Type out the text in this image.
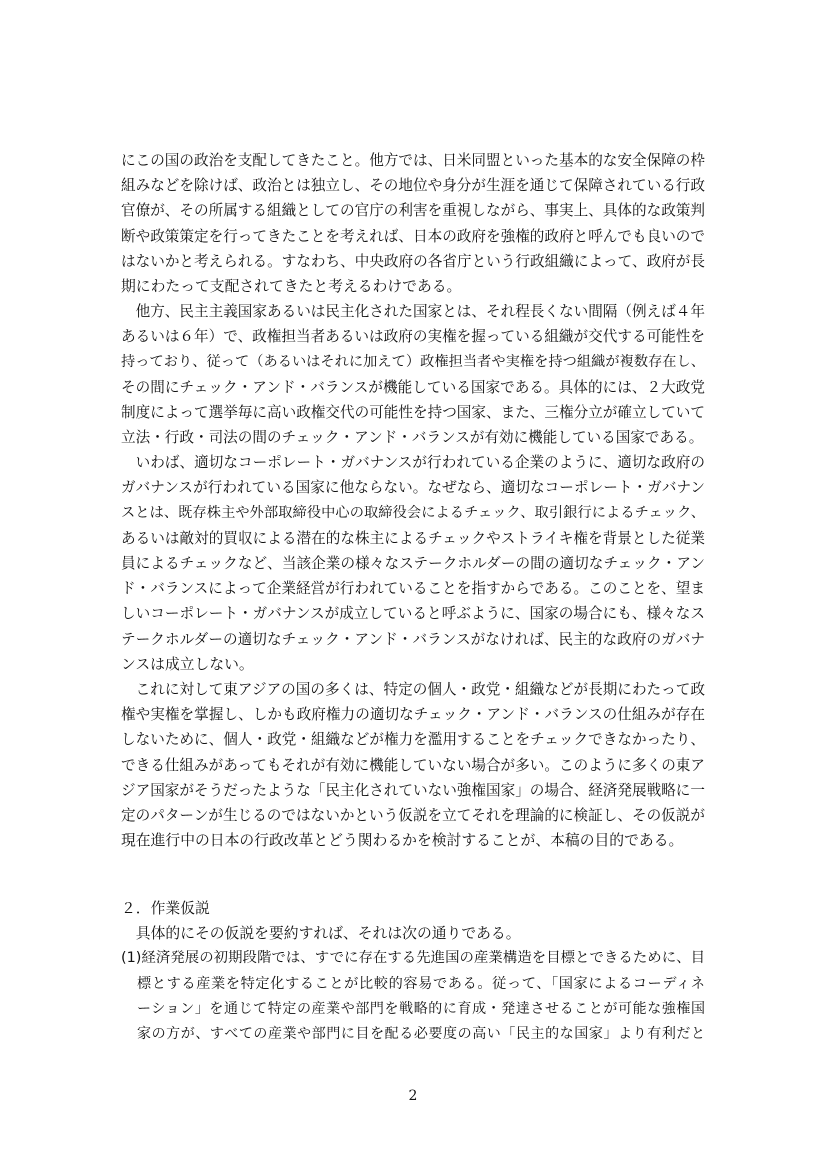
にこの国の政治を支配してきたこと。他方では、日米同盟といった基本的な安全保障の枠
組みなどを除けば、政治とは独立し、その地位や身分が生涯を通じて保障されている行政
官僚が、その所属する組織としての官庁の利害を重視しながら、事実上、具体的な政策判
断や政策策定を行ってきたことを考えれば、日本の政府を強権的政府と呼んでも良いので
はないかと考えられる。すなわち、中央政府の各省庁という行政組織によって、政府が長
期にわたって支配されてきたと考えるわけである。
　他方、民主主義国家あるいは民主化された国家とは、それ程長くない間隔（例えば４年
あるいは６年）で、政権担当者あるいは政府の実権を握っている組織が交代する可能性を
持っており、従って（あるいはそれに加えて）政権担当者や実権を持つ組織が複数存在し、
その間にチェック・アンド・バランスが機能している国家である。具体的には、２大政党
制度によって選挙毎に高い政権交代の可能性を持つ国家、また、三権分立が確立していて
立法・行政・司法の間のチェック・アンド・バランスが有効に機能している国家である。
　いわば、適切なコーポレート・ガバナンスが行われている企業のように、適切な政府の
ガバナンスが行われている国家に他ならない。なぜなら、適切なコーポレート・ガバナン
スとは、既存株主や外部取締役中心の取締役会によるチェック、取引銀行によるチェック、
あるいは敵対的買収による潜在的な株主によるチェックやストライキ権を背景とした従業
員によるチェックなど、当該企業の様々なステークホルダーの間の適切なチェック・アン
ド・バランスによって企業経営が行われていることを指すからである。このことを、望ま
しいコーポレート・ガバナンスが成立していると呼ぶように、国家の場合にも、様々なス
テークホルダーの適切なチェック・アンド・バランスがなければ、民主的な政府のガバナ
ンスは成立しない。
　これに対して東アジアの国の多くは、特定の個人・政党・組織などが長期にわたって政
権や実権を掌握し、しかも政府権力の適切なチェック・アンド・バランスの仕組みが存在
しないために、個人・政党・組織などが権力を濫用することをチェックできなかったり、
できる仕組みがあってもそれが有効に機能していない場合が多い。このように多くの東ア
ジア国家がそうだったような「民主化されていない強権国家」の場合、経済発展戦略に一
定のパターンが生じるのではないかという仮説を立てそれを理論的に検証し、その仮説が
現在進行中の日本の行政改革とどう関わるかを検討することが、本稿の目的である。
２．作業仮説
　具体的にその仮説を要約すれば、それは次の通りである。
(1)経済発展の初期段階では、すでに存在する先進国の産業構造を目標とできるために、目
標とする産業を特定化することが比較的容易である。従って、「国家によるコーディネ
ーション」を通じて特定の産業や部門を戦略的に育成・発達させることが可能な強権国
家の方が、すべての産業や部門に目を配る必要度の高い「民主的な国家」より有利だと
2
